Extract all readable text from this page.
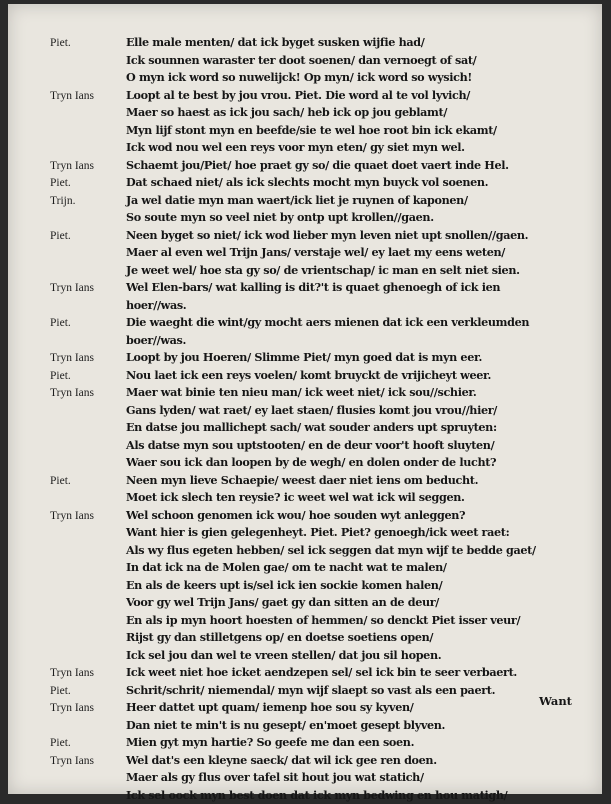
Piet.	Elle male menten/ dat ick byget susken wijfie had/
Ick sounnen waraster ter doot soenen/ dan vernoegt of sat/
O myn ick word so nuwelijck! Op myn/ ick word so wysich!
Tryn Ians	Loopt al te best by jou vrou. Piet. Die word al te vol lyvich/
Maer so haest as ick jou sach/ heb ick op jou geblamt/
Myn lijf stont myn en beefde/sie te wel hoe root bin ick ekamt/
Ick wod nou wel een reys voor myn eten/ gy siet myn wel.
Tryn Ians	Schaemt jou/Piet/ hoe praet gy so/ die quaet doet vaert inde Hel.
Piet.	Dat schaed niet/ als ick slechts mocht myn buyck vol soenen.
Trijn.	Ja wel datie myn man waert/ick liet je ruynen of kaponen/
So soute myn so veel niet by ontp upt krollen//gaen.
Piet.	Neen byget so niet/ ick wod lieber myn leven niet upt snollen//gaen.
Maer al even wel Trijn Jans/ verstaje wel/ ey laet my eens weten/
Je weet wel/ hoe sta gy so/ de vrientschap/ ic man en selt niet sien.
Tryn Ians	Wel Elen-bars/ wat kalling is dit?'t is quaet ghenoegh of ick ien
hoer//was.
Piet.	Die waeght die wint/gy mocht aers mienen dat ick een verkleumden
boer//was.
Tryn Ians	Loopt by jou Hoeren/ Slimme Piet/ myn goed dat is myn eer.
Piet.	Nou laet ick een reys voelen/ komt bruyckt de vrijicheyt weer.
Tryn Ians	Maer wat binie ten nieu man/ ick weet niet/ ick sou//schier.
Gans lyden/ wat raet/ ey laet staen/ flusies komt jou vrou//hier/
En datse jou mallichept sach/ wat souder anders upt spruyten:
Als datse myn sou uptstooten/ en de deur voor't hooft sluyten/
Waer sou ick dan loopen by de wegh/ en dolen onder de lucht?
Piet.	Neen myn lieve Schaepie/ weest daer niet iens om beducht.
Moet ick slech ten reysie? ic weet wel wat ick wil seggen.
Tryn Ians	Wel schoon genomen ick wou/ hoe souden wyt anleggen?
Want hier is gien gelegenheyt. Piet. Piet? genoegh/ick weet raet:
Als wy flus egeten hebben/ sel ick seggen dat myn wijf te bedde gaet/
In dat ick na de Molen gae/ om te nacht wat te malen/
En als de keers upt is/sel ick ien sockie komen halen/
Voor gy wel Trijn Jans/ gaet gy dan sitten an de deur/
En als ip myn hoort hoesten of hemmen/ so denckt Piet isser veur/
Rijst gy dan stilletgens op/ en doetse soetiens open/
Ick sel jou dan wel te vreen stellen/ dat jou sil hopen.
Tryn Ians	Ick weet niet hoe icket aendzepen sel/ sel ick bin te seer verbaert.
Piet.	Schrit/schrit/ niemendal/ myn wijf slaept so vast als een paert.
Tryn Ians	Heer dattet upt quam/ iemenp hoe sou sy kyven/
Dan niet te min't is nu gesept/ en'moet gesept blyven.
Piet.	Mien gyt myn hartie? So geefe me dan een soen.
Tryn Ians	Wel dat's een kleyne saeck/ dat wil ick gee ren doen.
Maer als gy flus over tafel sit hout jou wat statich/
Ick sel oock myn best doen dat ick myn bedwing en hou matigh/
Want
